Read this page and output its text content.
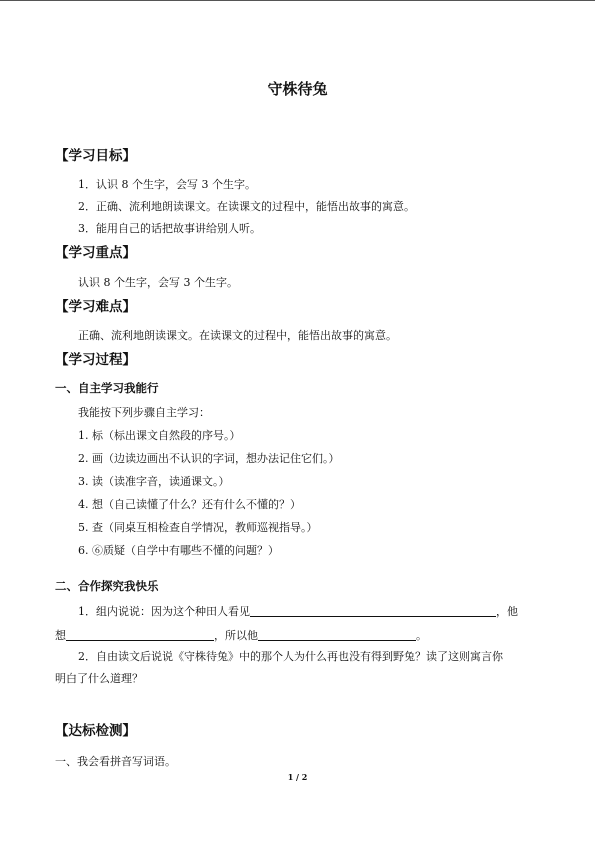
守株待兔
【学习目标】
1．认识 8 个生字，会写 3 个生字。
2．正确、流利地朗读课文。在读课文的过程中，能悟出故事的寓意。
3．能用自己的话把故事讲给别人听。
【学习重点】
认识 8 个生字，会写 3 个生字。
【学习难点】
正确、流利地朗读课文。在读课文的过程中，能悟出故事的寓意。
【学习过程】
一、自主学习我能行
我能按下列步骤自主学习：
1. 标（标出课文自然段的序号。）
2. 画（边读边画出不认识的字词，想办法记住它们。）
3. 读（读准字音，读通课文。）
4. 想（自己读懂了什么？还有什么不懂的？）
5. 查（同桌互相检查自学情况，教师巡视指导。）
6. ⑥质疑（自学中有哪些不懂的问题？）
二、合作探究我快乐
1．组内说说：因为这个种田人看见	，他
想	，所以他	。
2．自由读文后说说《守株待兔》中的那个人为什么再也没有得到野兔？读了这则寓言你
明白了什么道理？
【达标检测】
一、我会看拼音写词语。
1 / 2
